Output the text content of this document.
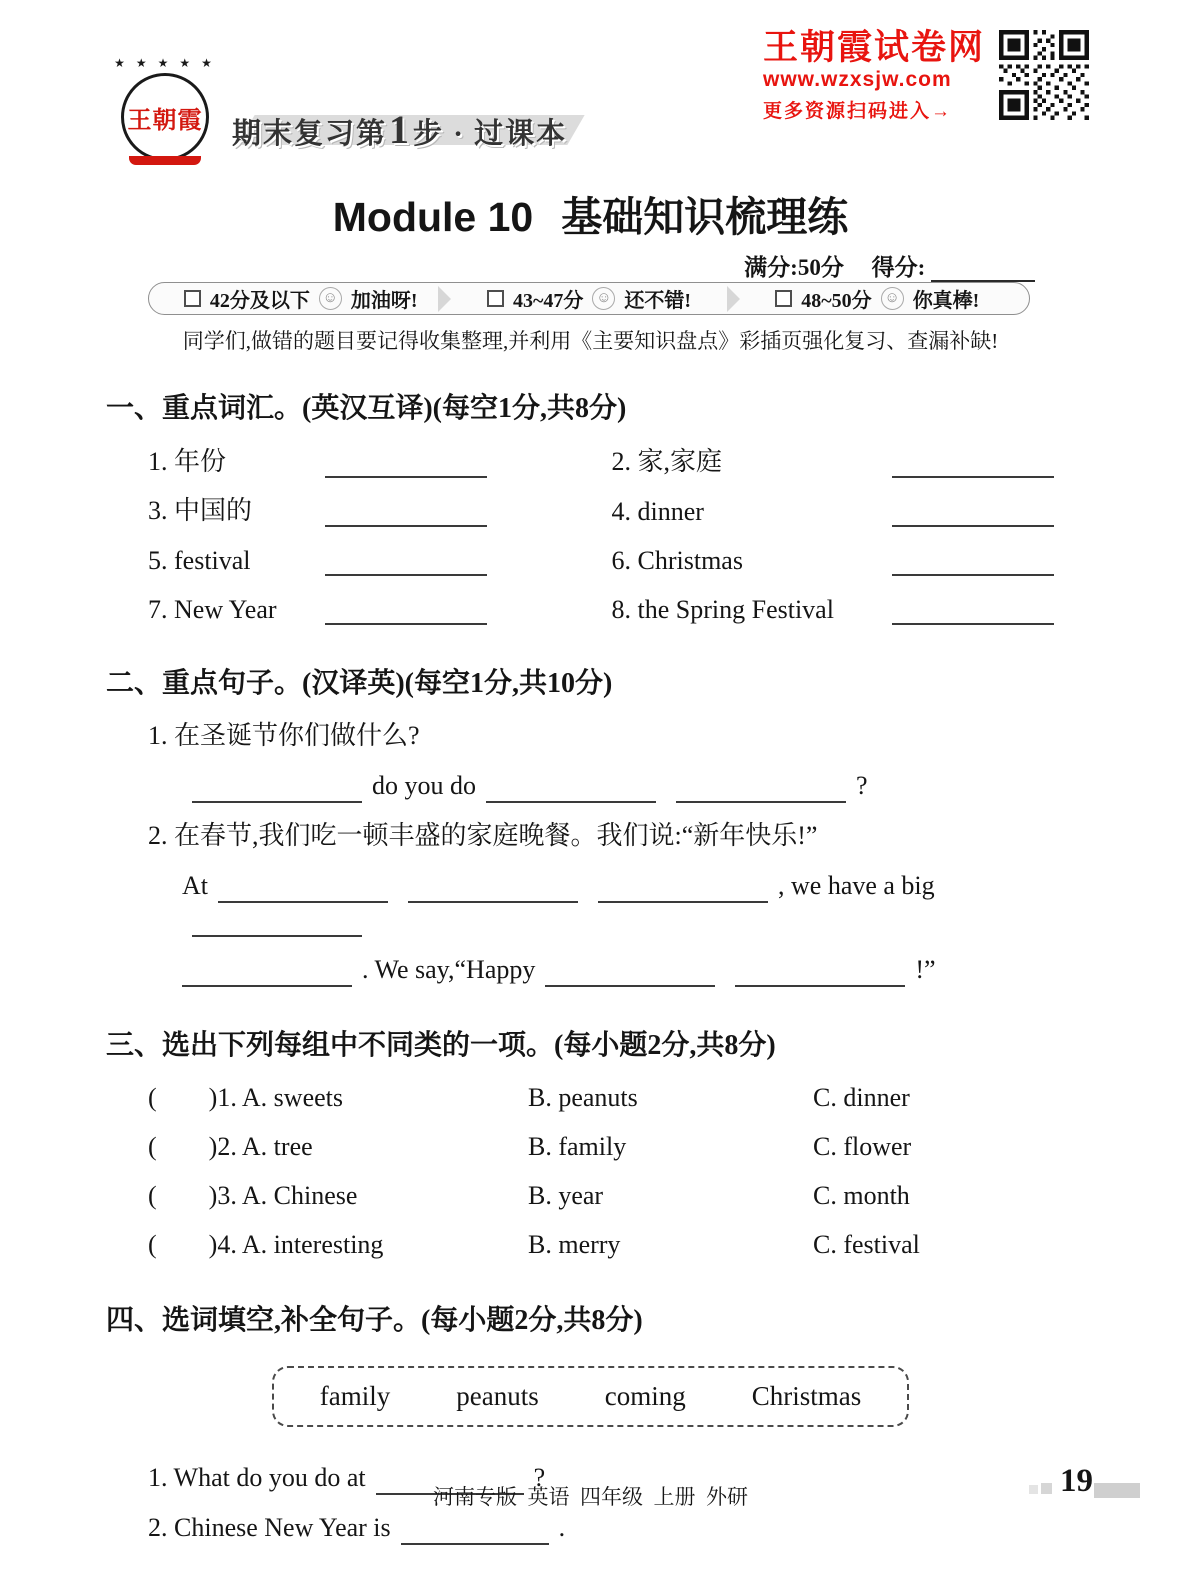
★ ★ ★ ★ ★
王朝霞 期末复习第1步 · 过课本
王朝霞试卷网
www.wzxsjw.com
更多资源扫码进入→
Module 10 基础知识梳理练
满分:50分 得分:
42分及以下 ☺ 加油呀!	43~47分 ☺ 还不错!	48~50分 ☺ 你真棒!
同学们,做错的题目要记得收集整理,并利用《主要知识盘点》彩插页强化复习、查漏补缺!
一、重点词汇。(英汉互译)(每空1分,共8分)
1. 年份	2. 家,家庭
3. 中国的	4. dinner
5. festival	6. Christmas
7. New Year	8. the Spring Festival
二、重点句子。(汉译英)(每空1分,共10分)
1. 在圣诞节你们做什么?
do you do	?
2. 在春节,我们吃一顿丰盛的家庭晚餐。我们说:“新年快乐!”
At	, we have a big
. We say,“Happy	!”
三、选出下列每组中不同类的一项。(每小题2分,共8分)
(        )1. A. sweets	B. peanuts	C. dinner
(        )2. A. tree	B. family	C. flower
(        )3. A. Chinese	B. year	C. month
(        )4. A. interesting	B. merry	C. festival
四、选词填空,补全句子。(每小题2分,共8分)
family peanuts coming Christmas
1. What do you do at	?
2. Chinese New Year is	.
河南专版  英语  四年级  上册  外研	19
